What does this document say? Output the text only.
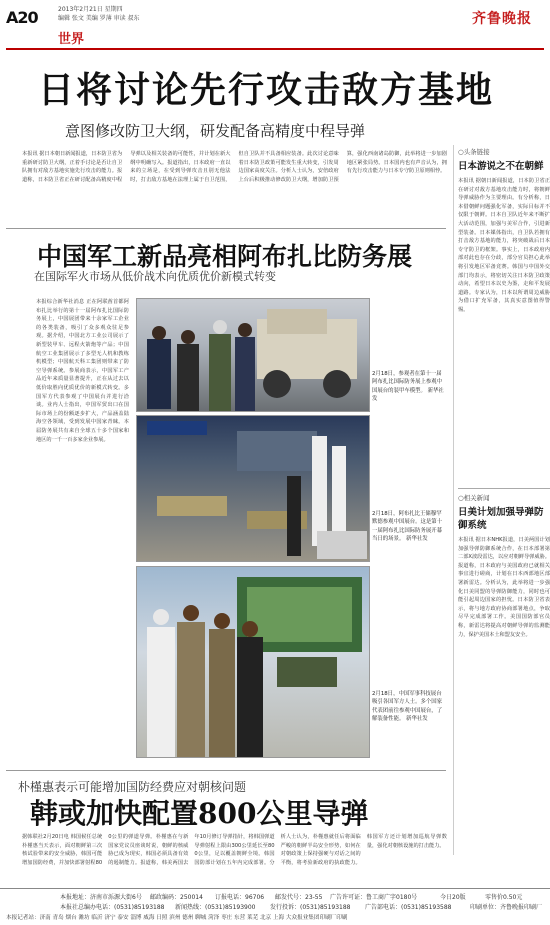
A20	2013年2月21日 星期四
编辑 张文 美编 罗薄 审读 叔东
世界
齐鲁晚报
日将讨论先行攻击敌方基地
意图修改防卫大纲，研发配备高精度中程导弹
本报讯 据日本朝日新闻报道，日本防卫省为重新研讨防卫大纲，正着手讨论是否让自卫队拥有对敌方基地实施先行攻击的能力。报道称，日本防卫省正在研讨配备高精度中程导弹以及相关装备的可能性，并计划在新大纲中明确写入。报道指出，日本政府一直以来的立场是，在受到导弹攻击且别无他法时，打击敌方基地在法理上属于自卫范围，但自卫队并不具备相应装备。此次讨论意味着日本防卫政策可能发生重大转变，引发周边国家高度关注。分析人士认为，安倍政府上台后积极推动修改防卫大纲，增加防卫预算，强化西南诸岛防御，此举将进一步加剧地区紧张局势。日本国内也有声音认为，拥有先行攻击能力与日本专守防卫原则相悖。
○头条链接
日本游说之不在朝鲜
本报讯 据朝日新闻报道，日本防卫省正在研讨对敌方基地攻击能力时，将朝鲜导弹威胁作为主要理由。有分析称，日本借朝鲜问题强化军备，实际目标并不仅限于朝鲜。日本自卫队近年来不断扩大活动范围，加强与美军合作，引进新型装备。日本媒体指出，自卫队若拥有打击敌方基地的能力，将突破战后日本专守防卫的框架。事实上，日本政府内部对此也存在分歧，部分官员担心此举将引发地区军备竞赛。韩国与中国外交部门均表示，将密切关注日本防卫政策动向，希望日本以史为鉴，走和平发展道路。专家认为，日本以所谓周边威胁为借口扩充军备，其真实意图值得警惕。
○相关新闻
日美计划加强导弹防御系统
本报讯 据日本NHK报道，日美两国计划加强导弹防御系统合作，在日本部署第二部X波段雷达，以应对朝鲜导弹威胁。报道称，日本政府与美国政府已就相关事宜进行磋商，计划在日本西部地区部署新雷达。分析认为，此举将进一步强化日美同盟的导弹防御能力，同时也可能引起周边国家的担忧。日本防卫省表示，将与地方政府协商部署地点，争取尽早完成部署工作。美国国防部官员称，新雷达将提高对朝鲜导弹的监测能力，保护美国本土和盟友安全。
中国军工新品亮相阿布扎比防务展
在国际军火市场从低价战术向优质优价新模式转变
本报综合新华社消息 正在阿联酋首都阿布扎比举行的第十一届阿布扎比国际防务展上，中国展团带来十余家军工企业的各类装备，吸引了众多观众驻足参观。据介绍，中国北方工业公司展示了新型装甲车、远程火箭炮等产品；中国航空工业集团展示了多型无人机和教练机模型；中国航天科工集团则带来了防空导弹系统。参展商表示，中国军工产品近年来质量显著提升，正在从过去以低价取胜向优质优价的新模式转变。多国军方代表参观了中国展台并进行洽谈。业内人士指出，中国军贸出口在国际市场上的份额逐步扩大，产品涵盖陆海空各领域，受到发展中国家青睐。本届防务展共有来自全球五十多个国家和地区的一千一百多家企业参展。
2月18日，参观者在第十一届阿布扎比国际防务展上参观中国展台的装甲车模型。 新华社发
2月18日，阿布扎比王储穆罕默德参观中国展台。这是第十一届阿布扎比国际防务展开幕当日的场景。 新华社发
2月18日，中国军事科技展台吸引各国军方人士。多个国家代表团前往参观中国展台，了解装备性能。 新华社发
朴槿惠表示可能增加国防经费应对朝核问题
韩或加快配置800公里导弹
据韩联社2月20日电 韩国候任总统朴槿惠当天表示，面对朝鲜第三次核试验带来的安全威胁，韩国可能增加国防经费，并加快部署射程800公里的弹道导弹。朴槿惠在与新国家党议员座谈时说，朝鲜的核威胁已成为现实，韩国必须具备有效的遏制能力。报道称，韩美两国去年10月修订导弹指针，将韩国弹道导弹射程上限由300公里延长至800公里，足以覆盖朝鲜全境。韩国国防部计划在五年内完成部署。分析人士认为，朴槿惠就任后将面临严峻的朝鲜半岛安全形势，如何在对朝政策上保持强硬与对话之间的平衡，将考验新政府的执政能力。韩国军方还计划增加巡航导弹数量，强化对朝核设施的打击能力。
本报地址：济南市泺源大街6号 邮政编码：250014 订报电话：96706 邮发代号：23-55 广告许可证：鲁工商广字0180号	今日20版	零售价0.50元
本报社总编办电话：(0531)85193188 新闻热线：(0531)85193900 发行投诉：(0531)85193188 广告部电话：(0531)85193588	印刷单位：齐鲁晚报印刷厂
本报记者站：济南 青岛 烟台 潍坊 临沂 济宁 泰安 淄博 威海 日照 滨州 德州 聊城 菏泽 枣庄 东营 莱芜 北京 上海 大众报业集团印刷厂印刷
